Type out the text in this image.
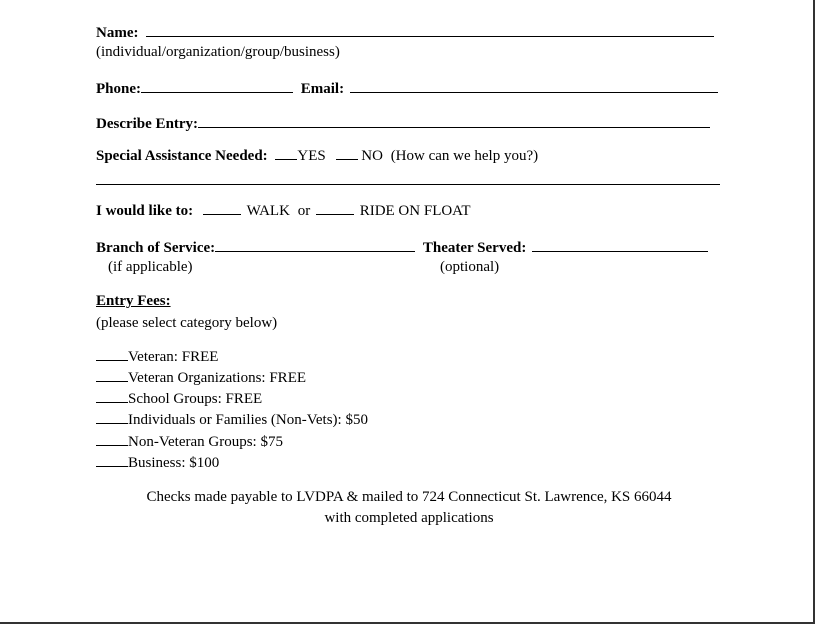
Name:
(individual/organization/group/business)
Phone:	Email:
Describe Entry:
Special Assistance Needed: YES NO (How can we help you?)
I would like to:	WALK or	RIDE ON FLOAT
Branch of Service:	Theater Served:
(if applicable)	(optional)
Entry Fees:
(please select category below)
Veteran: FREE
Veteran Organizations: FREE
School Groups: FREE
Individuals or Families (Non-Vets): $50
Non-Veteran Groups: $75
Business: $100
Checks made payable to LVDPA & mailed to 724 Connecticut St. Lawrence, KS 66044
with completed applications
